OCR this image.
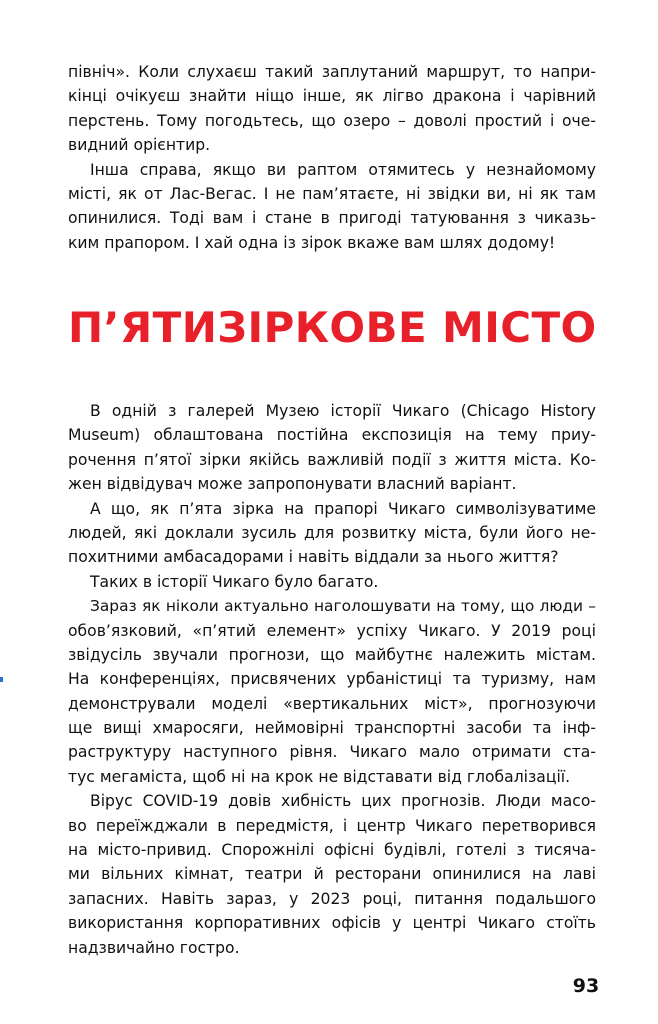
північ». Коли слухаєш такий заплутаний маршрут, то напри-
кінці очікуєш знайти ніщо інше, як лігво дракона і чарівний
перстень. Тому погодьтесь, що озеро – доволі простий і оче-
видний орієнтир.
Інша справа, якщо ви раптом отямитесь у незнайомому
місті, як от Лас-Вегас. І не пам’ятаєте, ні звідки ви, ні як там
опинилися. Тоді вам і стане в пригоді татуювання з чиказь-
ким прапором. І хай одна із зірок вкаже вам шлях додому!
П’ЯТИЗІРКОВЕ МІСТО
В одній з галерей Музею історії Чикаго (Chicago History
Museum) облаштована постійна експозиція на тему приу-
рочення п’ятої зірки якійсь важливій події з життя міста. Ко-
жен відвідувач може запропонувати власний варіант.
А що, як п’ята зірка на прапорі Чикаго символізуватиме
людей, які доклали зусиль для розвитку міста, були його не-
похитними амбасадорами і навіть віддали за нього життя?
Таких в історії Чикаго було багато.
Зараз як ніколи актуально наголошувати на тому, що люди –
обов’язковий, «п’ятий елемент» успіху Чикаго. У 2019 році
звідусіль звучали прогнози, що майбутнє належить містам.
На конференціях, присвячених урбаністиці та туризму, нам
демонстрували моделі «вертикальних міст», прогнозуючи
ще вищі хмаросяги, неймовірні транспортні засоби та інф-
раструктуру наступного рівня. Чикаго мало отримати ста-
тус мегаміста, щоб ні на крок не відставати від глобалізації.
Вірус COVID-19 довів хибність цих прогнозів. Люди масо-
во переїжджали в передмістя, і центр Чикаго перетворився
на місто-привид. Спорожнілі офісні будівлі, готелі з тисяча-
ми вільних кімнат, театри й ресторани опинилися на лаві
запасних. Навіть зараз, у 2023 році, питання подальшого
використання корпоративних офісів у центрі Чикаго стоїть
надзвичайно гостро.
93
